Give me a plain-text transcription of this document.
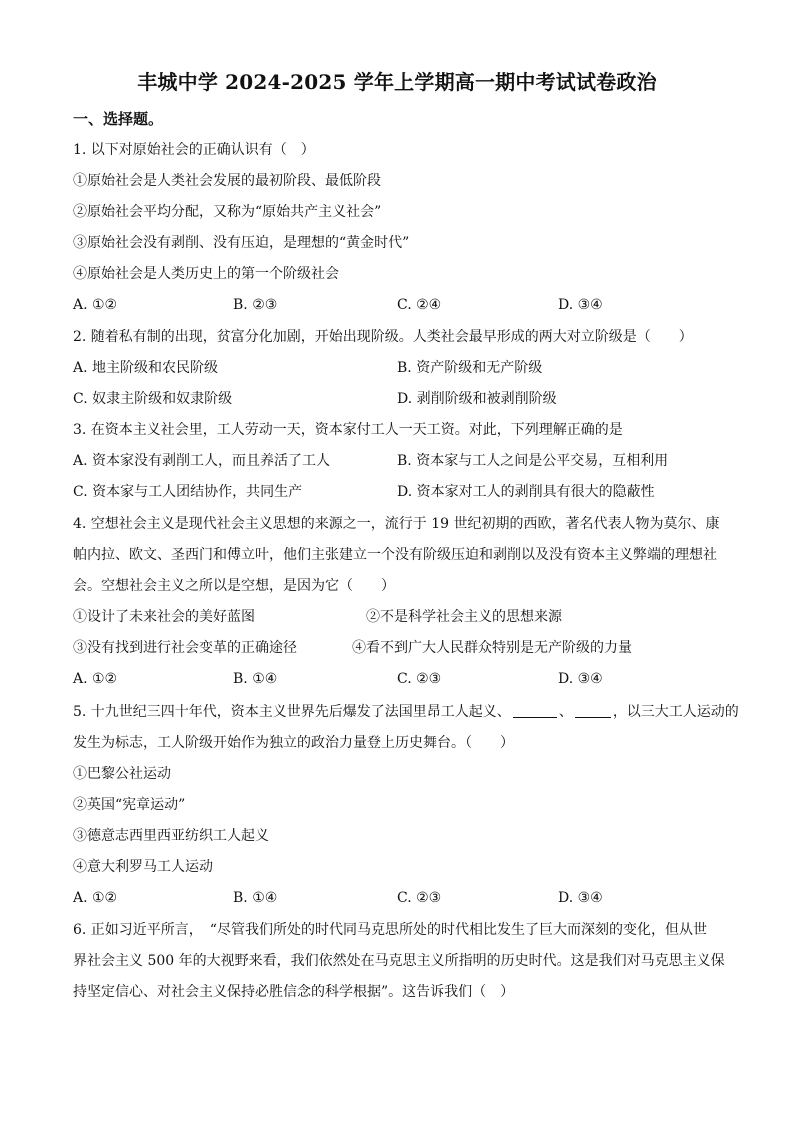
丰城中学 2024-2025 学年上学期高一期中考试试卷政治

一、选择题。

1. 以下对原始社会的正确认识有（　）

①原始社会是人类社会发展的最初阶段、最低阶段

②原始社会平均分配，又称为“原始共产主义社会”

③原始社会没有剥削、没有压迫，是理想的“黄金时代”

④原始社会是人类历史上的第一个阶级社会

A. ①②	B. ②③	C. ②④	D. ③④

2. 随着私有制的出现，贫富分化加剧，开始出现阶级。人类社会最早形成的两大对立阶级是（　　）

A. 地主阶级和农民阶级	B. 资产阶级和无产阶级
C. 奴隶主阶级和奴隶阶级	D. 剥削阶级和被剥削阶级

3. 在资本主义社会里，工人劳动一天，资本家付工人一天工资。对此，下列理解正确的是

A. 资本家没有剥削工人，而且养活了工人	B. 资本家与工人之间是公平交易，互相利用
C. 资本家与工人团结协作，共同生产	D. 资本家对工人的剥削具有很大的隐蔽性

4. 空想社会主义是现代社会主义思想的来源之一，流行于 19 世纪初期的西欧，著名代表人物为莫尔、康

帕内拉、欧文、圣西门和傅立叶，他们主张建立一个没有阶级压迫和剥削以及没有资本主义弊端的理想社

会。空想社会主义之所以是空想，是因为它（　　）

①设计了未来社会的美好蓝图	②不是科学社会主义的思想来源
③没有找到进行社会变革的正确途径	④看不到广大人民群众特别是无产阶级的力量
A. ①②	B. ①④	C. ②③	D. ③④

5. 十九世纪三四十年代，资本主义世界先后爆发了法国里昂工人起义、	、	，以三大工人运动的

发生为标志，工人阶级开始作为独立的政治力量登上历史舞台。（　　）

①巴黎公社运动

②英国“宪章运动”

③德意志西里西亚纺织工人起义

④意大利罗马工人运动

A. ①②	B. ①④	C. ②③	D. ③④

6. 正如习近平所言，　“尽管我们所处的时代同马克思所处的时代相比发生了巨大而深刻的变化，但从世

界社会主义 500 年的大视野来看，我们依然处在马克思主义所指明的历史时代。这是我们对马克思主义保

持坚定信心、对社会主义保持必胜信念的科学根据”。这告诉我们（　）
